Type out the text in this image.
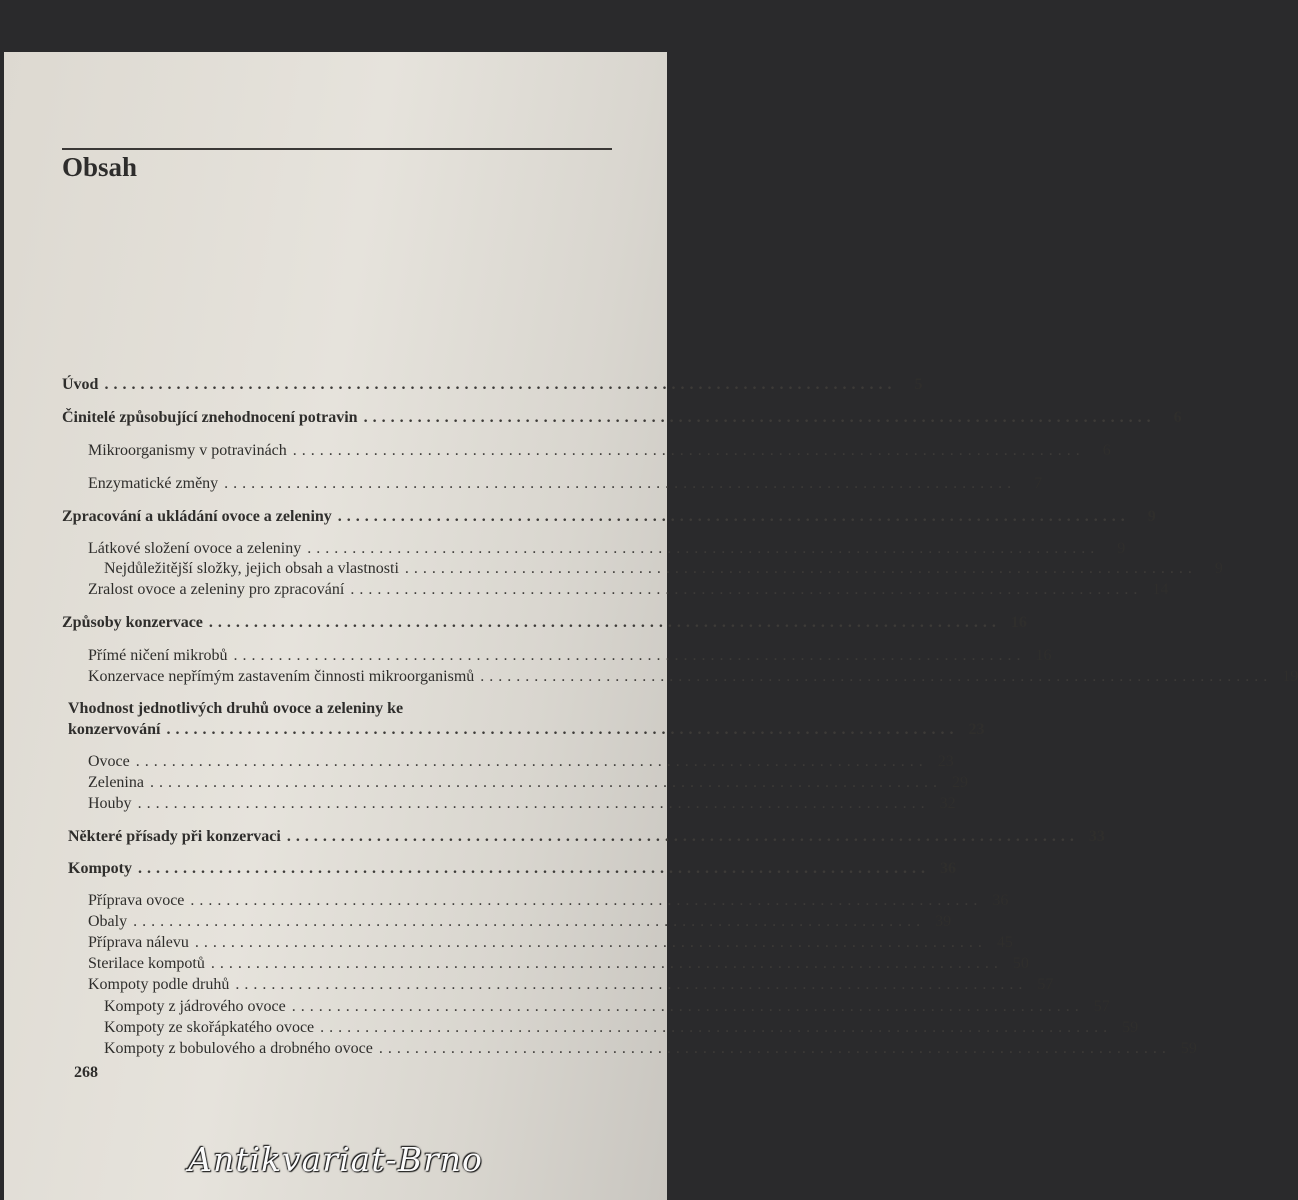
Obsah
Úvod ........................................................................................	5
Činitelé způsobující znehodnocení potravin ........................................................................................	6
Mikroorganismy v potravinách ........................................................................................	6
Enzymatické změny ........................................................................................	7
Zpracování a ukládání ovoce a zeleniny ........................................................................................	9
Látkové složení ovoce a zeleniny ........................................................................................	9
Nejdůležitější složky, jejich obsah a vlastnosti ........................................................................................	9
Zralost ovoce a zeleniny pro zpracování ........................................................................................ 14
Způsoby konzervace ........................................................................................ 16
Přímé ničení mikrobů ........................................................................................ 16
Konzervace nepřímým zastavením činnosti mikroorganismů ........................................................................................ 19
Vhodnost jednotlivých druhů ovoce a zeleniny ke
konzervování ........................................................................................ 23
Ovoce ........................................................................................ 23
Zelenina ........................................................................................ 29
Houby ........................................................................................ 32
Některé přísady při konzervaci ........................................................................................ 33
Kompoty ........................................................................................ 36
Příprava ovoce ........................................................................................ 36
Obaly ........................................................................................ 39
Příprava nálevu ........................................................................................ 45
Sterilace kompotů ........................................................................................ 50
Kompoty podle druhů ........................................................................................ 57
Kompoty z jádrového ovoce ........................................................................................ 57
Kompoty ze skořápkatého ovoce ........................................................................................ 59
Kompoty z bobulového a drobného ovoce ........................................................................................ 59
268
Antikvariat-Brno
